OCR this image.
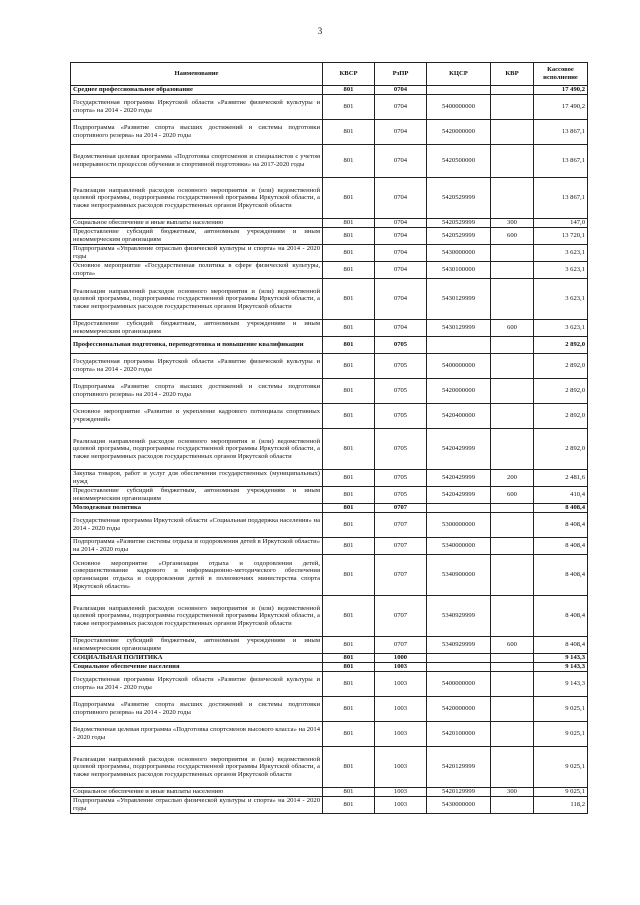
3
Наименование	КВСР	РзПР	КЦСР	КВР	Кассовое исполнение
Среднее профессиональное образование	801	0704			17 490,2
Государственная программа Иркутской области «Развитие физической культуры и спорта» на 2014 - 2020 годы	801	0704	5400000000		17 490,2
Подпрограмма «Развитие спорта высших достижений и системы подготовки спортивного резерва» на 2014 - 2020 годы	801	0704	5420000000		13 867,1
Ведомственная целевая программа «Подготовка спортсменов и специалистов с учетом непрерывности процессов обучения и спортивной подготовки» на 2017-2020 годы	801	0704	5420500000		13 867,1
Реализация направлений расходов основного мероприятия и (или) ведомственной целевой программы, подпрограммы государственной программы Иркутской области, а также непрограммных расходов государственных органов Иркутской области	801	0704	5420529999		13 867,1
Социальное обеспечение и иные выплаты населению	801	0704	5420529999	300	147,0
Предоставление субсидий бюджетным, автономным учреждениям и иным некоммерческим организациям	801	0704	5420529999	600	13 720,1
Подпрограмма «Управление отраслью физической культуры и спорта» на 2014 - 2020 годы	801	0704	5430000000		3 623,1
Основное мероприятие «Государственная политика в сфере физической культуры, спорта»	801	0704	5430100000		3 623,1
Реализация направлений расходов основного мероприятия и (или) ведомственной целевой программы, подпрограммы государственной программы Иркутской области, а также непрограммных расходов государственных органов Иркутской области	801	0704	5430129999		3 623,1
Предоставление субсидий бюджетным, автономным учреждениям и иным некоммерческим организациям	801	0704	5430129999	600	3 623,1
Профессиональная подготовка, переподготовка и повышение квалификации	801	0705			2 892,0
Государственная программа Иркутской области «Развитие физической культуры и спорта» на 2014 - 2020 годы	801	0705	5400000000		2 892,0
Подпрограмма «Развитие спорта высших достижений и системы подготовки спортивного резерва» на 2014 - 2020 годы	801	0705	5420000000		2 892,0
Основное мероприятие «Развитие и укрепление кадрового потенциала спортивных учреждений»	801	0705	5420400000		2 892,0
Реализация направлений расходов основного мероприятия и (или) ведомственной целевой программы, подпрограммы государственной программы Иркутской области, а также непрограммных расходов государственных органов Иркутской области	801	0705	5420429999		2 892,0
Закупка товаров, работ и услуг для обеспечения государственных (муниципальных) нужд	801	0705	5420429999	200	2 481,6
Предоставление субсидий бюджетным, автономным учреждениям и иным некоммерческим организациям	801	0705	5420429999	600	410,4
Молодежная политика	801	0707			8 408,4
Государственная программа Иркутской области «Социальная поддержка населения» на 2014 - 2020 годы	801	0707	5300000000		8 408,4
Подпрограмма «Развитие системы отдыха и оздоровления детей в Иркутской области» на 2014 - 2020 годы	801	0707	5340000000		8 408,4
Основное мероприятие «Организация отдыха и оздоровления детей, совершенствование кадрового и информационно-методического обеспечения организации отдыха и оздоровления детей в полномочиях министерства спорта Иркутской области»	801	0707	5340900000		8 408,4
Реализация направлений расходов основного мероприятия и (или) ведомственной целевой программы, подпрограммы государственной программы Иркутской области, а также непрограммных расходов государственных органов Иркутской области	801	0707	5340929999		8 408,4
Предоставление субсидий бюджетным, автономным учреждениям и иным некоммерческим организациям	801	0707	5340929999	600	8 408,4
СОЦИАЛЬНАЯ ПОЛИТИКА	801	1000			9 143,3
Социальное обеспечение населения	801	1003			9 143,3
Государственная программа Иркутской области «Развитие физической культуры и спорта» на 2014 - 2020 годы	801	1003	5400000000		9 143,3
Подпрограмма «Развитие спорта высших достижений и системы подготовки спортивного резерва» на 2014 - 2020 годы	801	1003	5420000000		9 025,1
Ведомственная целевая программа «Подготовка спортсменов высокого класса» на 2014 - 2020 годы	801	1003	5420100000		9 025,1
Реализация направлений расходов основного мероприятия и (или) ведомственной целевой программы, подпрограммы государственной программы Иркутской области, а также непрограммных расходов государственных органов Иркутской области	801	1003	5420129999		9 025,1
Социальное обеспечение и иные выплаты населению	801	1003	5420129999	300	9 025,1
Подпрограмма «Управление отраслью физической культуры и спорта» на 2014 - 2020 годы	801	1003	5430000000		118,2
